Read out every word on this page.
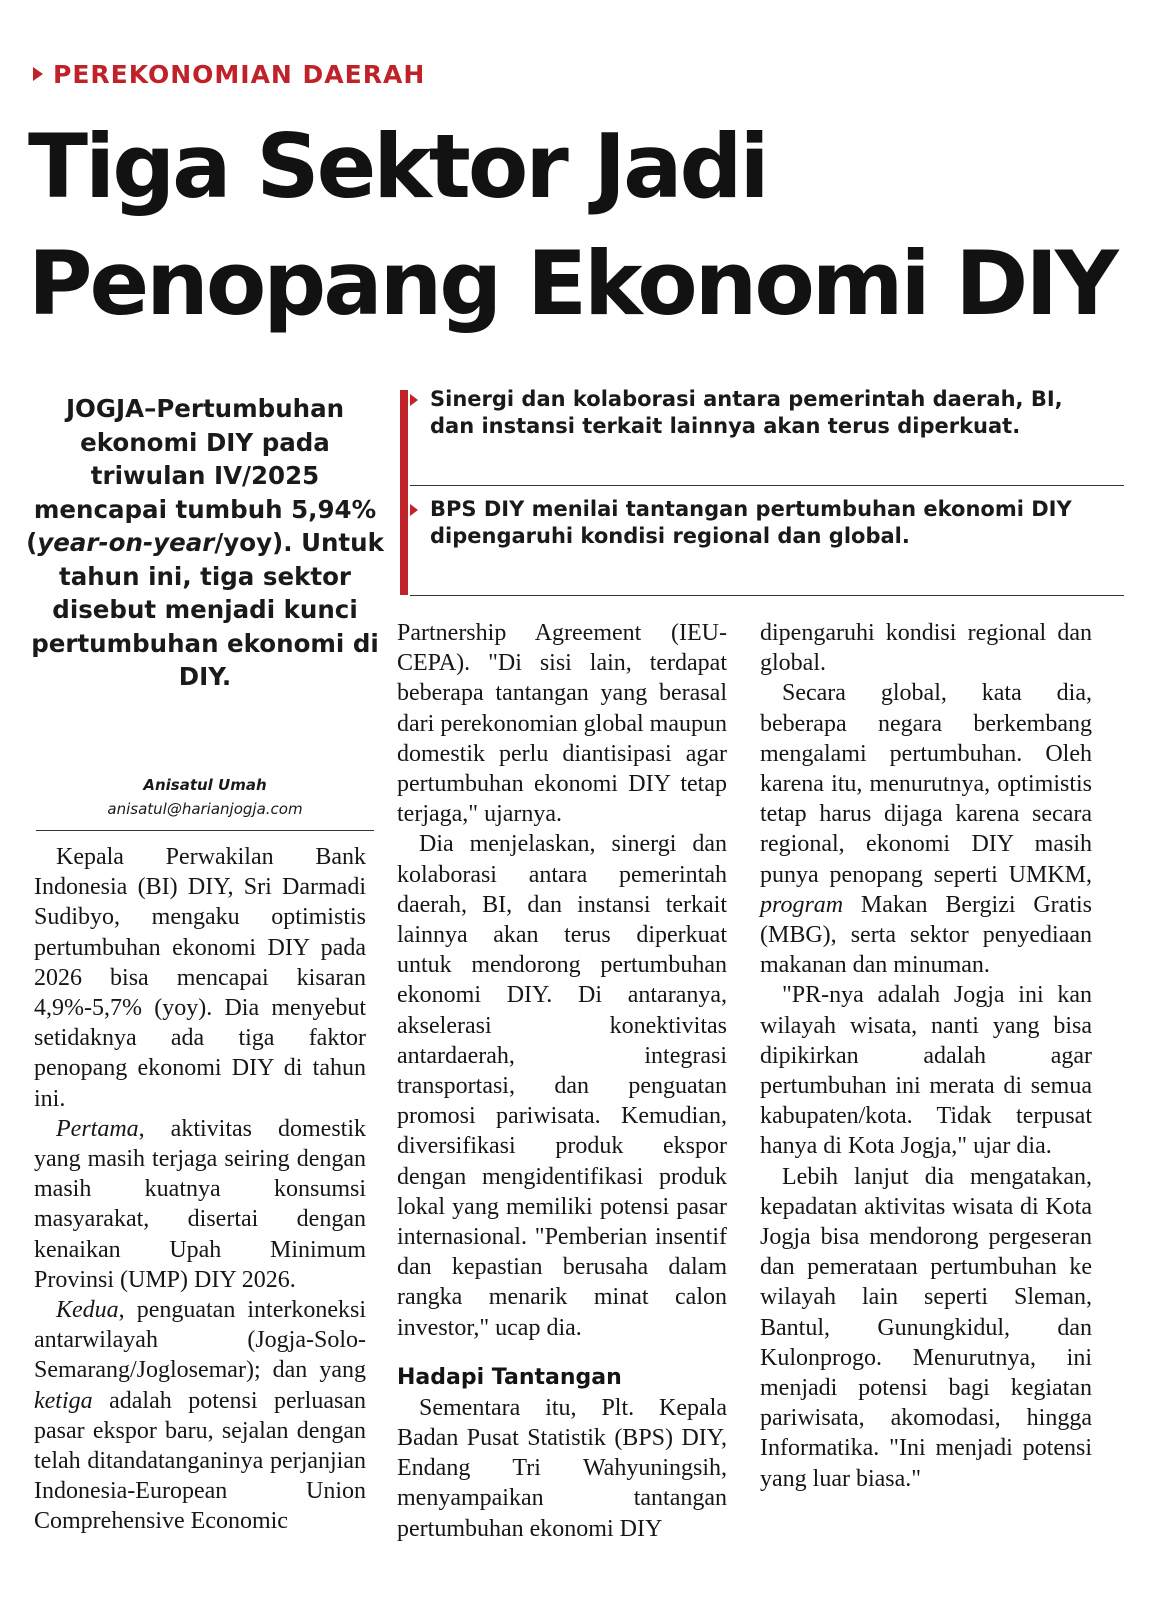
PEREKONOMIAN DAERAH
Tiga Sektor Jadi
Penopang Ekonomi DIY
JOGJA–Pertumbuhan ekonomi DIY pada triwulan IV/2025 mencapai tumbuh 5,94% (year-on-year/yoy). Untuk tahun ini, tiga sektor disebut menjadi kunci pertumbuhan ekonomi di DIY.
Anisatul Umah
anisatul@harianjogja.com
Sinergi dan kolaborasi antara pemerintah daerah, BI, dan instansi terkait lainnya akan terus diperkuat.
BPS DIY menilai tantangan pertumbuhan ekonomi DIY dipengaruhi kondisi regional dan global.

Kepala Perwakilan Bank Indonesia (BI) DIY, Sri Darmadi Sudibyo, mengaku optimistis pertumbuhan ekonomi DIY pada 2026 bisa mencapai kisaran 4,9%-5,7% (yoy). Dia menyebut setidaknya ada tiga faktor penopang ekonomi DIY di tahun ini.

Pertama, aktivitas domestik yang masih terjaga seiring dengan masih kuatnya konsumsi masyarakat, disertai dengan kenaikan Upah Minimum Provinsi (UMP) DIY 2026.

Kedua, penguatan interkoneksi antarwilayah (Jogja-Solo-Semarang/Joglosemar); dan yang ketiga adalah potensi perluasan pasar ekspor baru, sejalan dengan telah ditandatanganinya perjanjian Indonesia-European Union Comprehensive Economic

Partnership Agreement (IEU-CEPA). "Di sisi lain, terdapat beberapa tantangan yang berasal dari perekonomian global maupun domestik perlu diantisipasi agar pertumbuhan ekonomi DIY tetap terjaga," ujarnya.

Dia menjelaskan, sinergi dan kolaborasi antara pemerintah daerah, BI, dan instansi terkait lainnya akan terus diperkuat untuk mendorong pertumbuhan ekonomi DIY. Di antaranya, akselerasi konektivitas antardaerah, integrasi transportasi, dan penguatan promosi pariwisata. Kemudian, diversifikasi produk ekspor dengan mengidentifikasi produk lokal yang memiliki potensi pasar internasional. "Pemberian insentif dan kepastian berusaha dalam rangka menarik minat calon investor," ucap dia.

Hadapi Tantangan

Sementara itu, Plt. Kepala Badan Pusat Statistik (BPS) DIY, Endang Tri Wahyuningsih, menyampaikan tantangan pertumbuhan ekonomi DIY

dipengaruhi kondisi regional dan global.

Secara global, kata dia, beberapa negara berkembang mengalami pertumbuhan. Oleh karena itu, menurutnya, optimistis tetap harus dijaga karena secara regional, ekonomi DIY masih punya penopang seperti UMKM, program Makan Bergizi Gratis (MBG), serta sektor penyediaan makanan dan minuman.

"PR-nya adalah Jogja ini kan wilayah wisata, nanti yang bisa dipikirkan adalah agar pertumbuhan ini merata di semua kabupaten/kota. Tidak terpusat hanya di Kota Jogja," ujar dia.

Lebih lanjut dia mengatakan, kepadatan aktivitas wisata di Kota Jogja bisa mendorong pergeseran dan pemerataan pertumbuhan ke wilayah lain seperti Sleman, Bantul, Gunungkidul, dan Kulonprogo. Menurutnya, ini menjadi potensi bagi kegiatan pariwisata, akomodasi, hingga Informatika. "Ini menjadi potensi yang luar biasa."
